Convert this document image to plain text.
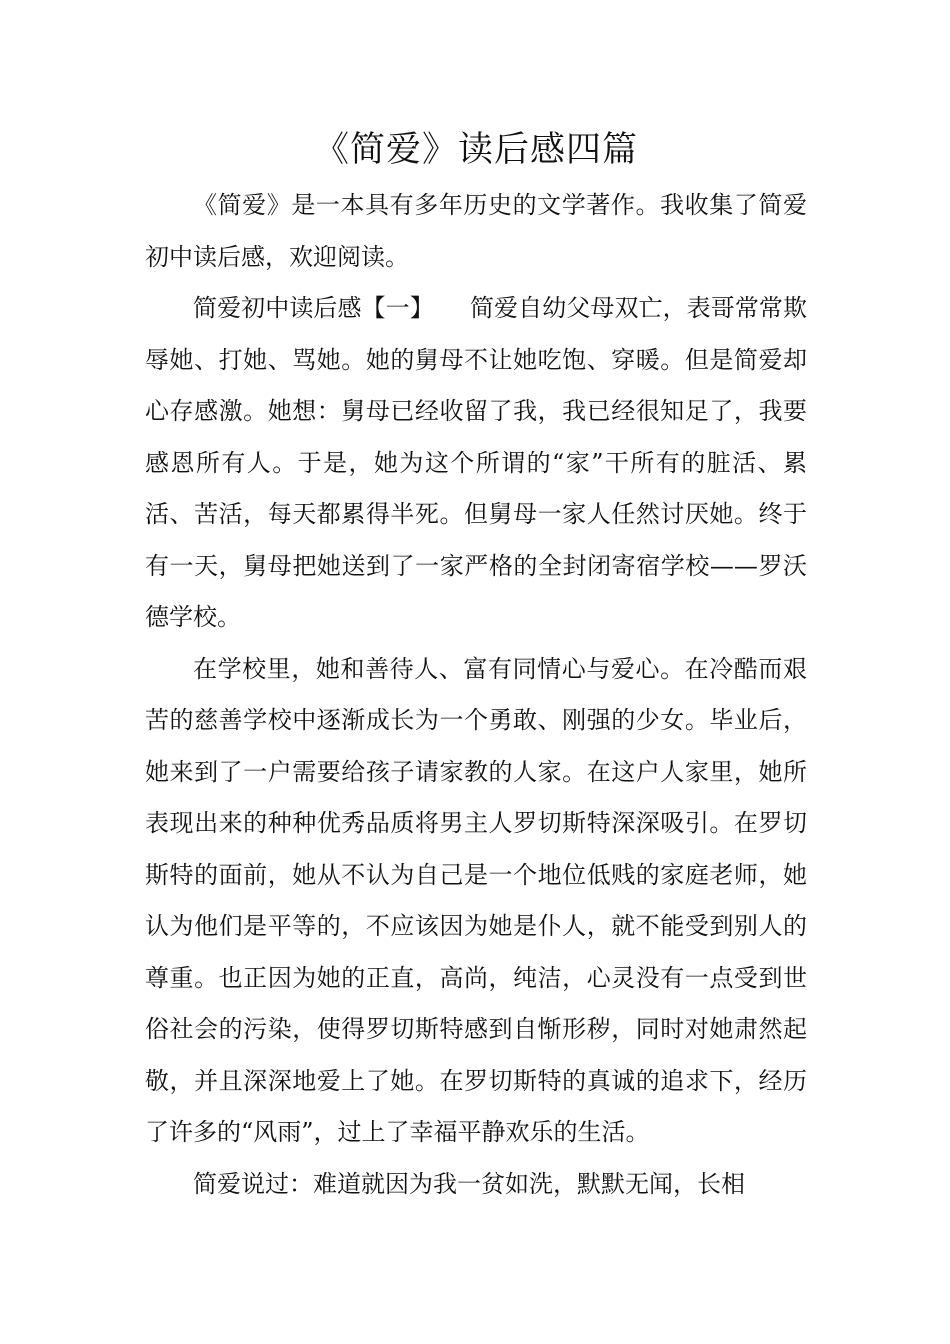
《简爱》读后感四篇

《简爱》是一本具有多年历史的文学著作。我收集了简爱初中读后感，欢迎阅读。

简爱初中读后感【一】　　简爱自幼父母双亡，表哥常常欺辱她、打她、骂她。她的舅母不让她吃饱、穿暖。但是简爱却心存感激。她想：舅母已经收留了我，我已经很知足了，我要感恩所有人。于是，她为这个所谓的“家”干所有的脏活、累活、苦活，每天都累得半死。但舅母一家人任然讨厌她。终于有一天，舅母把她送到了一家严格的全封闭寄宿学校——罗沃德学校。

在学校里，她和善待人、富有同情心与爱心。在冷酷而艰苦的慈善学校中逐渐成长为一个勇敢、刚强的少女。毕业后，她来到了一户需要给孩子请家教的人家。在这户人家里，她所表现出来的种种优秀品质将男主人罗切斯特深深吸引。在罗切斯特的面前，她从不认为自己是一个地位低贱的家庭老师，她认为他们是平等的，不应该因为她是仆人，就不能受到别人的尊重。也正因为她的正直，高尚，纯洁，心灵没有一点受到世俗社会的污染，使得罗切斯特感到自惭形秽，同时对她肃然起敬，并且深深地爱上了她。在罗切斯特的真诚的追求下，经历了许多的“风雨”，过上了幸福平静欢乐的生活。

简爱说过：难道就因为我一贫如洗，默默无闻，长相
